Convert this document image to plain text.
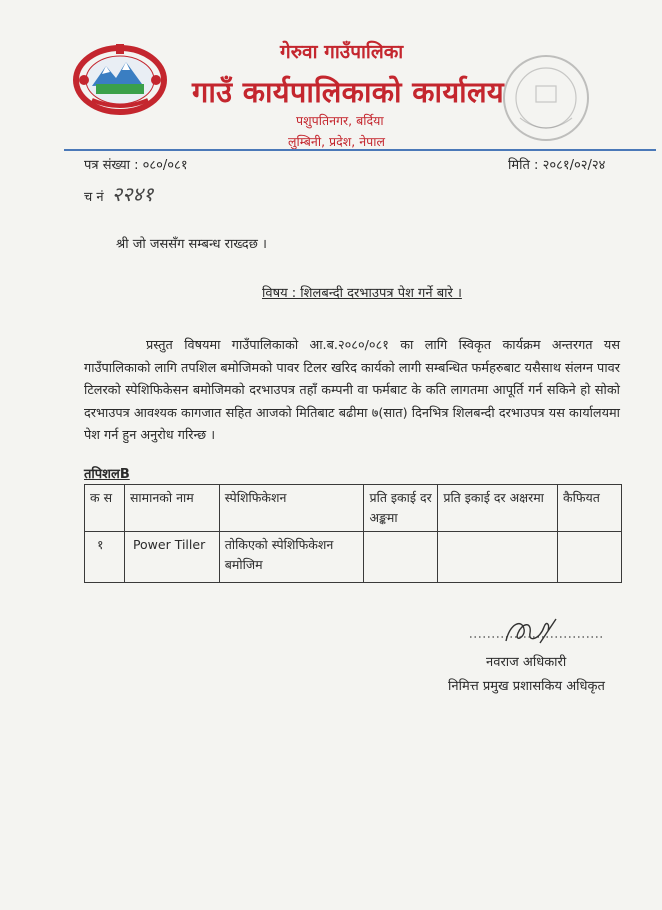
गेरुवा गाउँपालिका
गाउँ कार्यपालिकाको कार्यालय
पशुपतिनगर, बर्दिया
लुम्बिनी, प्रदेश, नेपाल
पत्र संख्या : ०८०/०८१	मिति : २०८१/०२/२४
च नं २२४१
श्री जो जससँग सम्बन्ध राख्दछ ।
विषय : शिलबन्दी दरभाउपत्र पेश गर्ने बारे ।
प्रस्तुत विषयमा गाउँपालिकाको आ.ब.२०८०/०८१ का लागि स्विकृत कार्यक्रम अन्तरगत यस गाउँपालिकाको लागि तपशिल बमोजिमको पावर टिलर खरिद कार्यको लागी सम्बन्धित फर्महरुबाट यसैसाथ संलग्न पावर टिलरको स्पेशिफिकेसन बमोजिमको दरभाउपत्र तहाँ कम्पनी वा फर्मबाट के कति लागतमा आपूर्ति गर्न सकिने हो सोको दरभाउपत्र आवश्यक कागजात सहित आजको मितिबाट बढीमा ७(सात) दिनभित्र शिलबन्दी दरभाउपत्र यस कार्यालयमा पेश गर्न हुन अनुरोध गरिन्छ ।
तपिशलB
क स	सामानको नाम	स्पेशिफिकेशन	प्रति इकाई दर अङ्कमा	प्रति इकाई दर अक्षरमा	कैफियत
१	Power Tiller	तोकिएको स्पेशिफिकेशन बमोजिम			
नवराज अधिकारी
निमित्त प्रमुख प्रशासकिय अधिकृत
